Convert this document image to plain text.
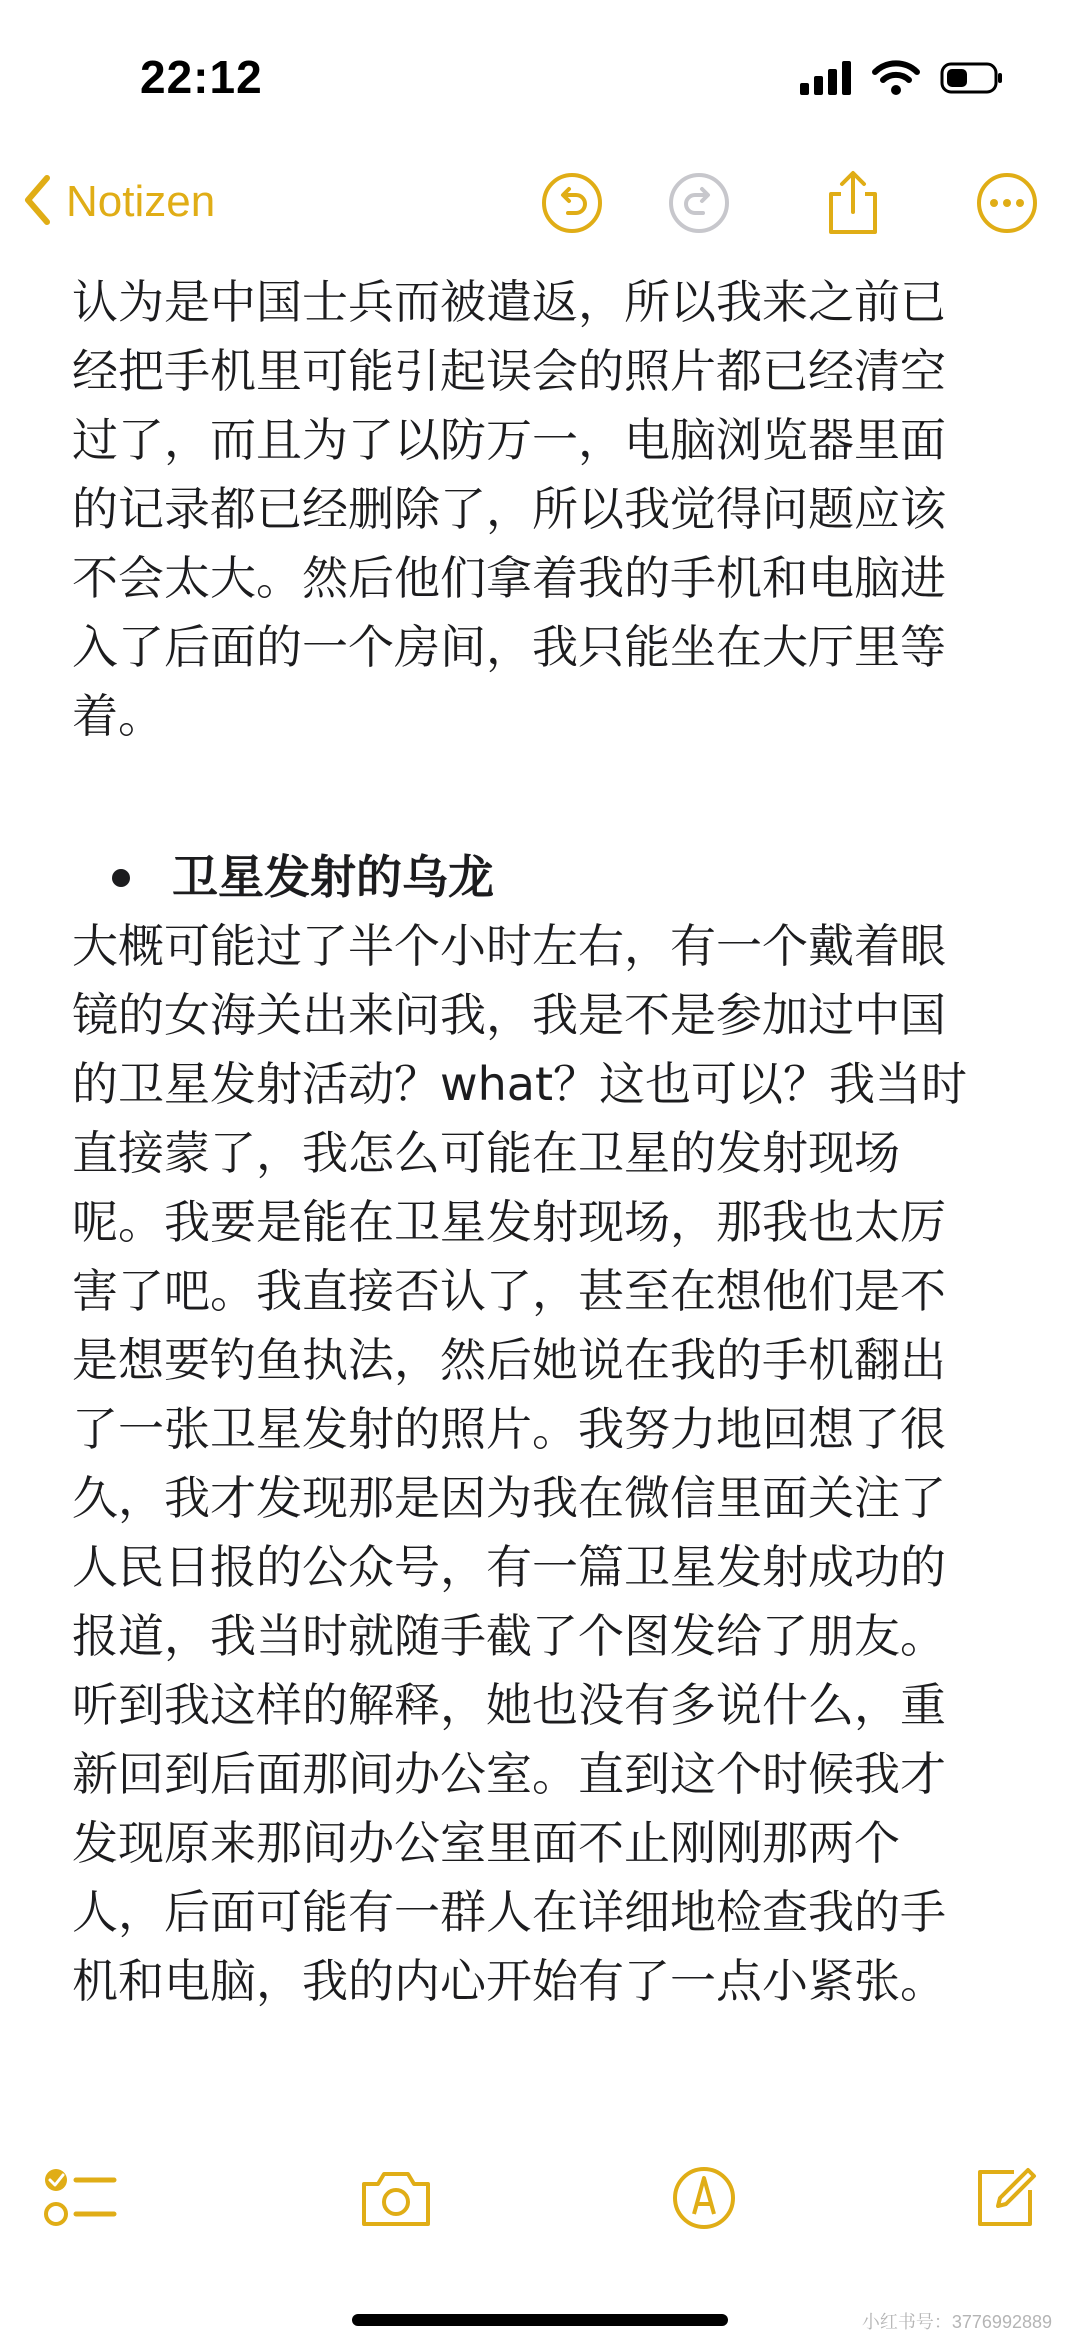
22:12
Notizen
认为是中国士兵而被遣返，所以我来之前已
经把手机里可能引起误会的照片都已经清空
过了，而且为了以防万一，电脑浏览器里面
的记录都已经删除了，所以我觉得问题应该
不会太大。然后他们拿着我的手机和电脑进
入了后面的一个房间，我只能坐在大厅里等
着。
卫星发射的乌龙
大概可能过了半个小时左右，有一个戴着眼
镜的女海关出来问我，我是不是参加过中国
的卫星发射活动？what？这也可以？我当时
直接蒙了，我怎么可能在卫星的发射现场
呢。我要是能在卫星发射现场，那我也太厉
害了吧。我直接否认了，甚至在想他们是不
是想要钓鱼执法，然后她说在我的手机翻出
了一张卫星发射的照片。我努力地回想了很
久，我才发现那是因为我在微信里面关注了
人民日报的公众号，有一篇卫星发射成功的
报道，我当时就随手截了个图发给了朋友。
听到我这样的解释，她也没有多说什么，重
新回到后面那间办公室。直到这个时候我才
发现原来那间办公室里面不止刚刚那两个
人，后面可能有一群人在详细地检查我的手
机和电脑，我的内心开始有了一点小紧张。
小红书号：3776992889
